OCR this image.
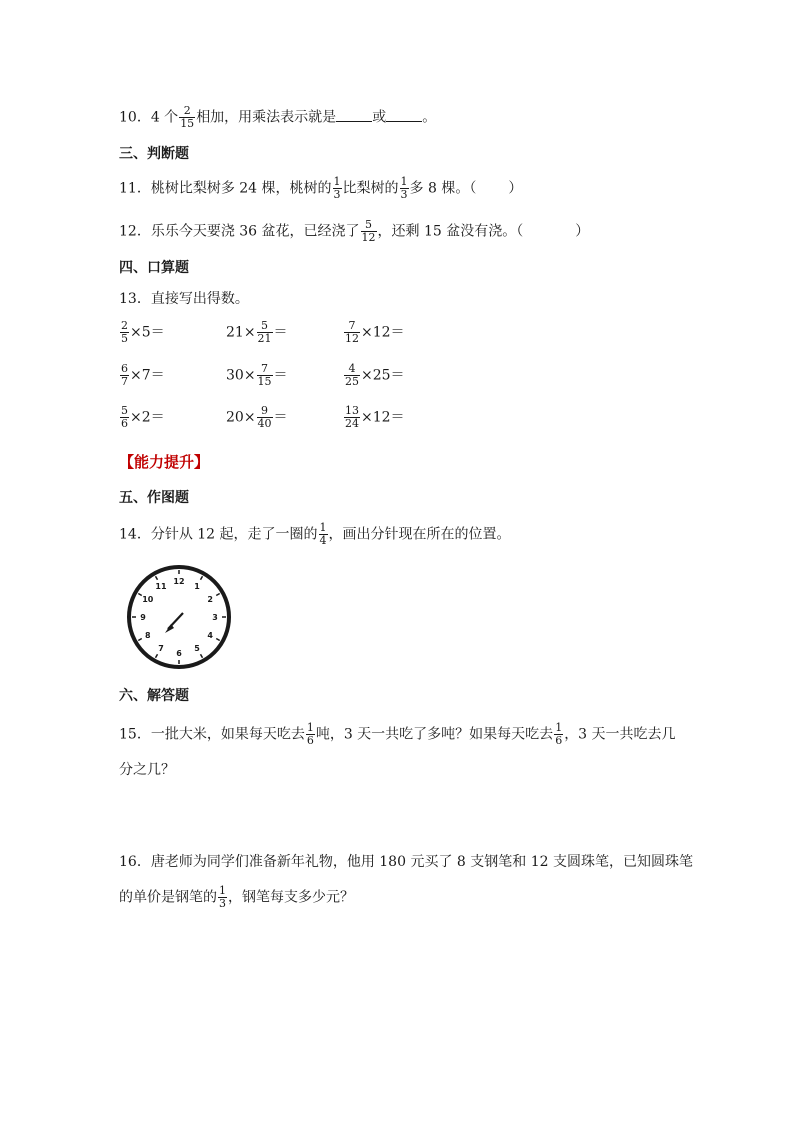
10．4 个 $\frac{2}{15}$ 相加，用乘法表示就是	或	。
三、判断题
11．桃树比梨树多 24 棵，桃树的 $\frac{1}{3}$ 比梨树的 $\frac{1}{3}$ 多 8 棵。（ ）
12．乐乐今天要浇 36 盆花，已经浇了 $\frac{5}{12}$ ，还剩 15 盆没有浇。（	）
四、口算题
13．直接写出得数。
$\frac{2}{5} \times 5=$	$21\times \frac{5}{21}$ ＝	$\frac{7}{12} \times 12=$
$\frac{6}{7} \times 7=$	$30\times \frac{7}{15}$ ＝	$\frac{4}{25} \times 25=$
$\frac{5}{6} \times 2=$	$20\times \frac{9}{40}$ ＝	$\frac{13}{24} \times 12=$
【能力提升】
五、作图题
14．分针从 12 起，走了一圈的 $\frac{1}{4}$ ，画出分针现在所在的位置。
12
1
2
3
4
5
6
7
8
9
10
11
六、解答题
15．一批大米，如果每天吃去 $\frac{1}{6}$ 吨，3 天一共吃了多吨？如果每天吃去 $\frac{1}{6}$ ，3 天一共吃去几
分之几？
16．唐老师为同学们准备新年礼物，他用 180 元买了 8 支钢笔和 12 支圆珠笔，已知圆珠笔
的单价是钢笔的 $\frac{1}{3}$ ，钢笔每支多少元？
